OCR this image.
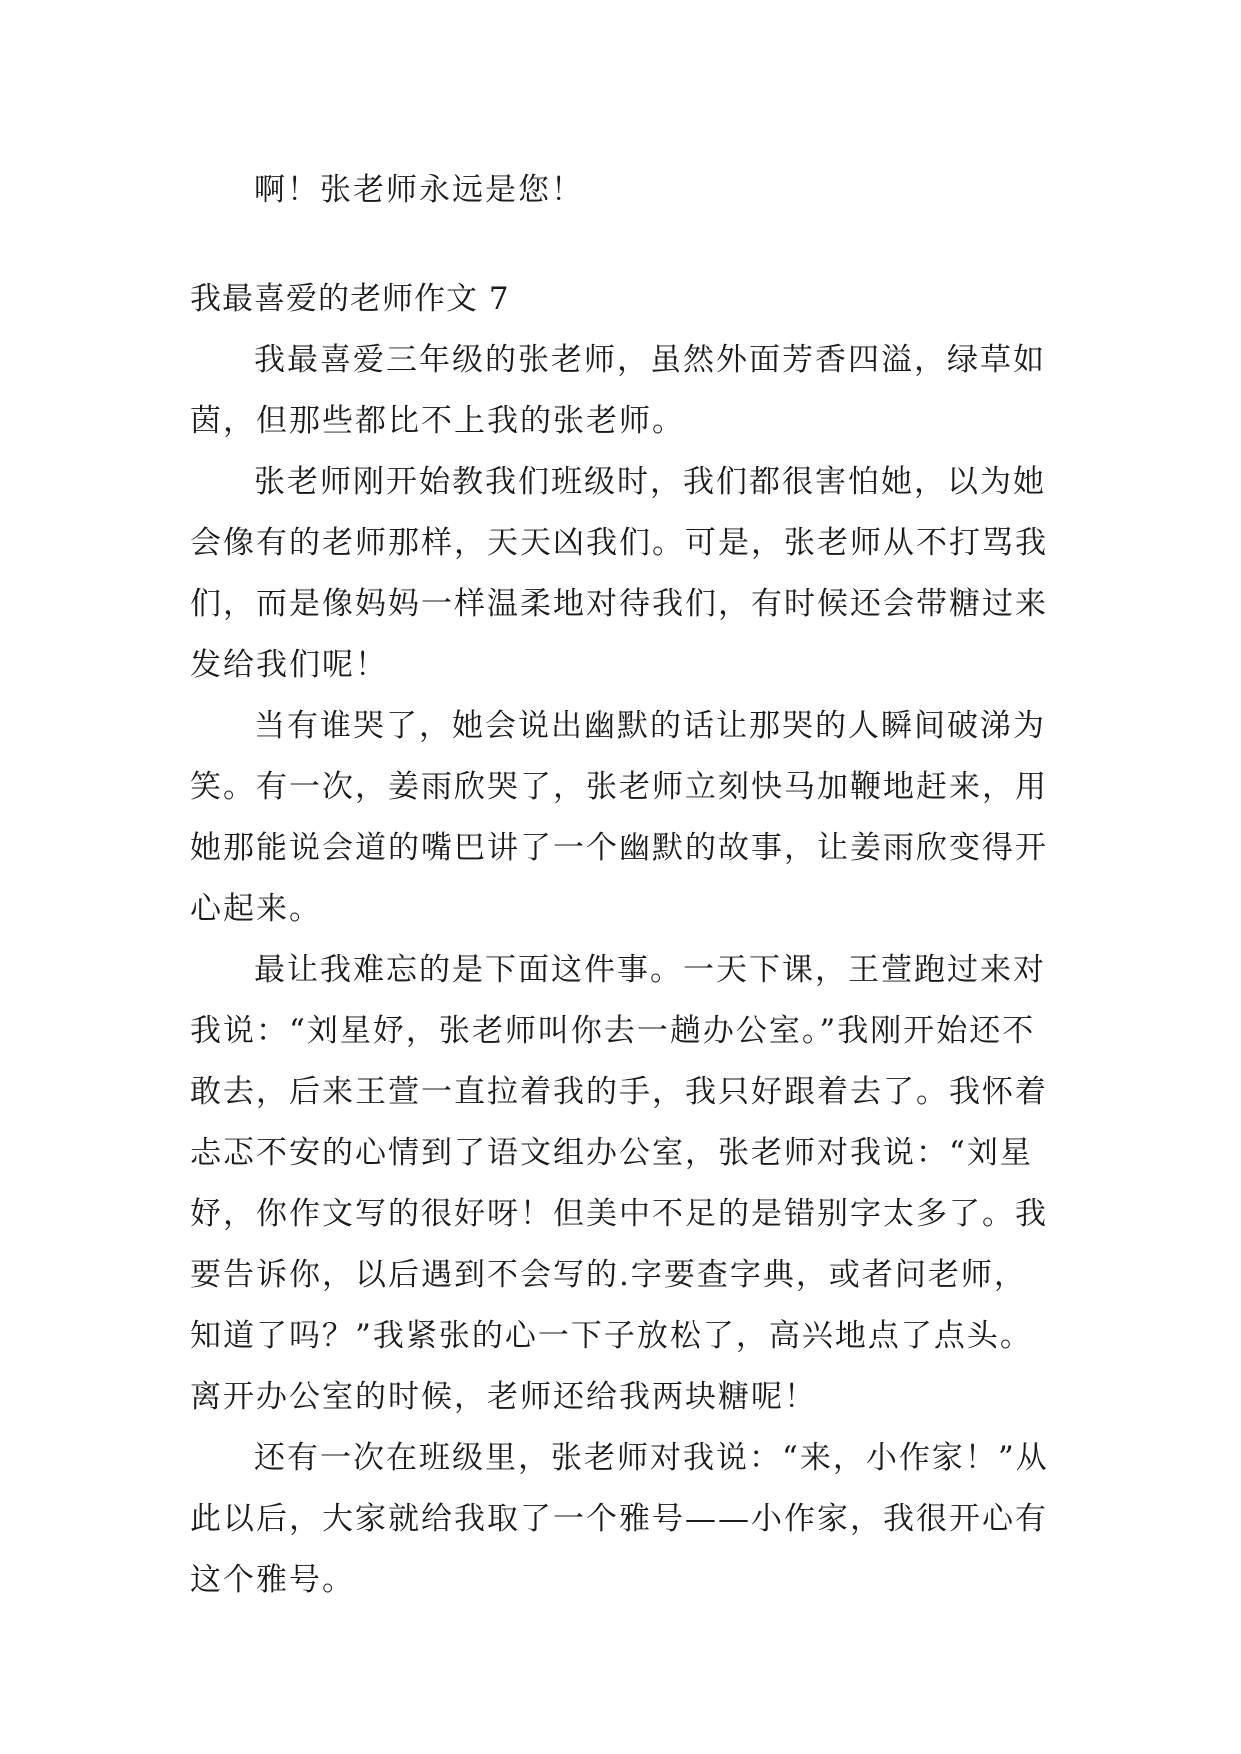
啊！张老师永远是您！
我最喜爱的老师作文 7
我最喜爱三年级的张老师，虽然外面芳香四溢，绿草如
茵，但那些都比不上我的张老师。
张老师刚开始教我们班级时，我们都很害怕她，以为她
会像有的老师那样，天天凶我们。可是，张老师从不打骂我
们，而是像妈妈一样温柔地对待我们，有时候还会带糖过来
发给我们呢！
当有谁哭了，她会说出幽默的话让那哭的人瞬间破涕为
笑。有一次，姜雨欣哭了，张老师立刻快马加鞭地赶来，用
她那能说会道的嘴巴讲了一个幽默的故事，让姜雨欣变得开
心起来。
最让我难忘的是下面这件事。一天下课，王萱跑过来对
我说：“刘星妤，张老师叫你去一趟办公室。”我刚开始还不
敢去，后来王萱一直拉着我的手，我只好跟着去了。我怀着
忐忑不安的心情到了语文组办公室，张老师对我说：“刘星
妤，你作文写的很好呀！但美中不足的是错别字太多了。我
要告诉你，以后遇到不会写的.字要查字典，或者问老师，
知道了吗？”我紧张的心一下子放松了，高兴地点了点头。
离开办公室的时候，老师还给我两块糖呢！
还有一次在班级里，张老师对我说：“来，小作家！”从
此以后，大家就给我取了一个雅号——小作家，我很开心有
这个雅号。
